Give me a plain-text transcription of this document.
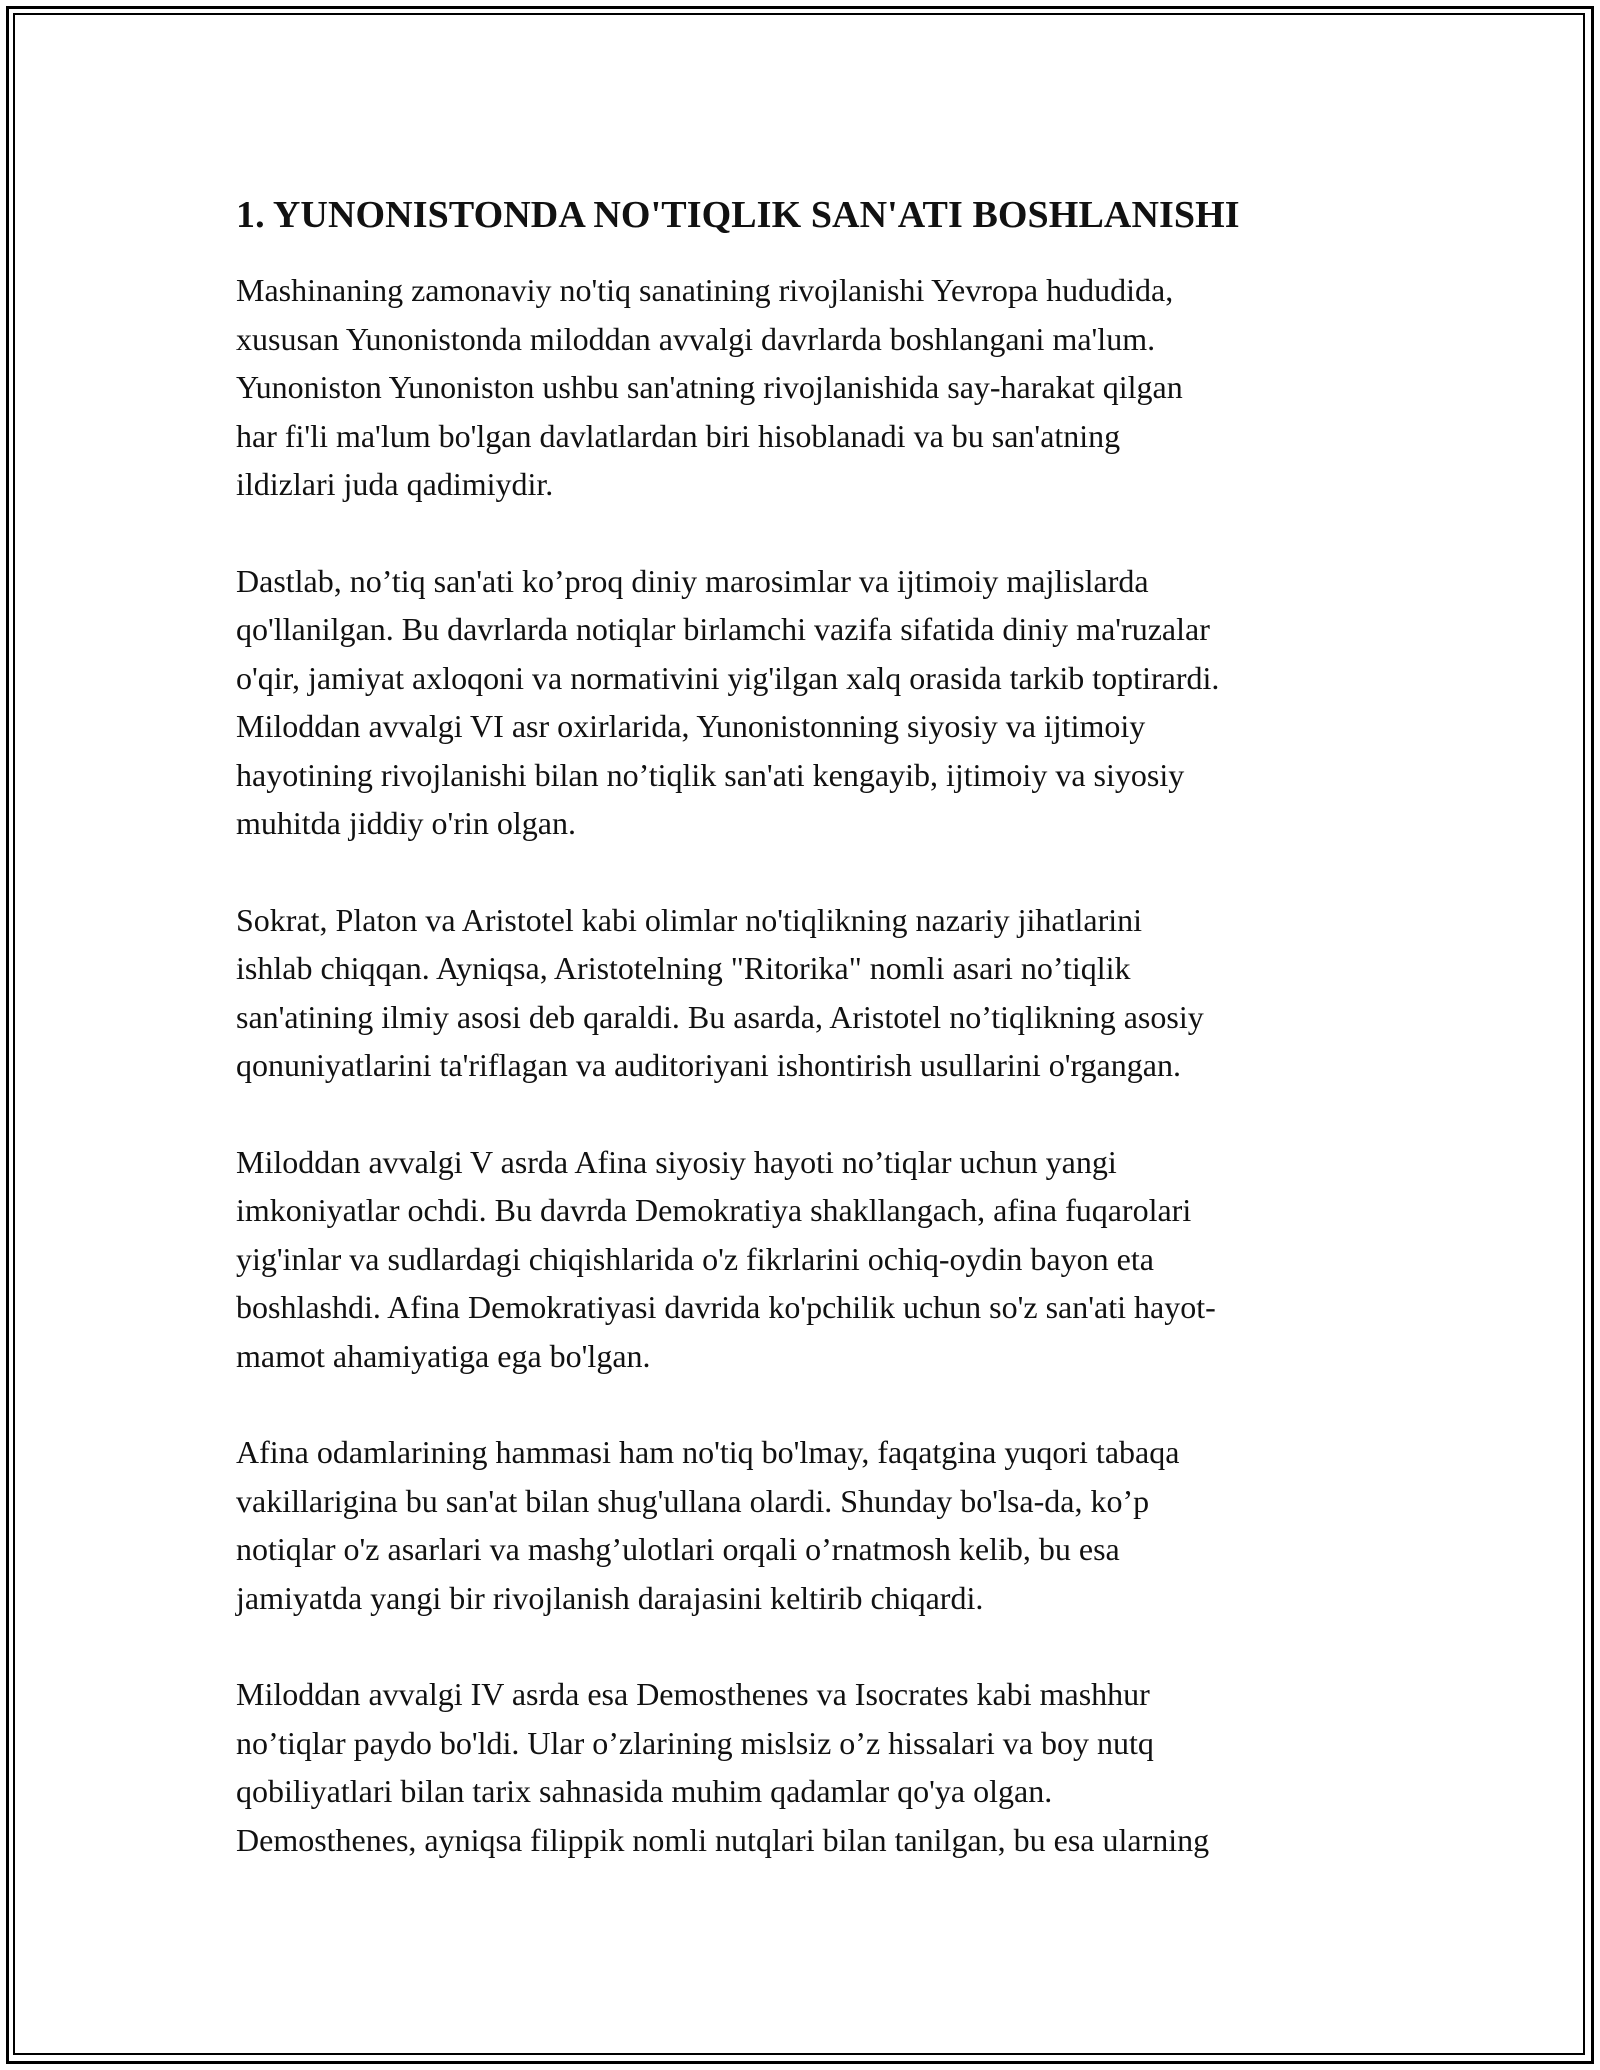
1. YUNONISTONDA NO'TIQLIK SAN'ATI BOSHLANISHI
Mashinaning zamonaviy no'tiq sanatining rivojlanishi Yevropa hududida,
xususan Yunonistonda miloddan avvalgi davrlarda boshlangani ma'lum.
Yunoniston Yunoniston ushbu san'atning rivojlanishida say-harakat qilgan
har fi'li ma'lum bo'lgan davlatlardan biri hisoblanadi va bu san'atning
ildizlari juda qadimiydir.
Dastlab, no’tiq san'ati ko’proq diniy marosimlar va ijtimoiy majlislarda
qo'llanilgan. Bu davrlarda notiqlar birlamchi vazifa sifatida diniy ma'ruzalar
o'qir, jamiyat axloqoni va normativini yig'ilgan xalq orasida tarkib toptirardi.
Miloddan avvalgi VI asr oxirlarida, Yunonistonning siyosiy va ijtimoiy
hayotining rivojlanishi bilan no’tiqlik san'ati kengayib, ijtimoiy va siyosiy
muhitda jiddiy o'rin olgan.
Sokrat, Platon va Aristotel kabi olimlar no'tiqlikning nazariy jihatlarini
ishlab chiqqan. Ayniqsa, Aristotelning "Ritorika" nomli asari no’tiqlik
san'atining ilmiy asosi deb qaraldi. Bu asarda, Aristotel no’tiqlikning asosiy
qonuniyatlarini ta'riflagan va auditoriyani ishontirish usullarini o'rgangan.
Miloddan avvalgi V asrda Afina siyosiy hayoti no’tiqlar uchun yangi
imkoniyatlar ochdi. Bu davrda Demokratiya shakllangach, afina fuqarolari
yig'inlar va sudlardagi chiqishlarida o'z fikrlarini ochiq-oydin bayon eta
boshlashdi. Afina Demokratiyasi davrida ko'pchilik uchun so'z san'ati hayot-
mamot ahamiyatiga ega bo'lgan.
Afina odamlarining hammasi ham no'tiq bo'lmay, faqatgina yuqori tabaqa
vakillarigina bu san'at bilan shug'ullana olardi. Shunday bo'lsa-da, ko’p
notiqlar o'z asarlari va mashg’ulotlari orqali o’rnatmosh kelib, bu esa
jamiyatda yangi bir rivojlanish darajasini keltirib chiqardi.
Miloddan avvalgi IV asrda esa Demosthenes va Isocrates kabi mashhur
no’tiqlar paydo bo'ldi. Ular o’zlarining mislsiz o’z hissalari va boy nutq
qobiliyatlari bilan tarix sahnasida muhim qadamlar qo'ya olgan.
Demosthenes, ayniqsa filippik nomli nutqlari bilan tanilgan, bu esa ularning
